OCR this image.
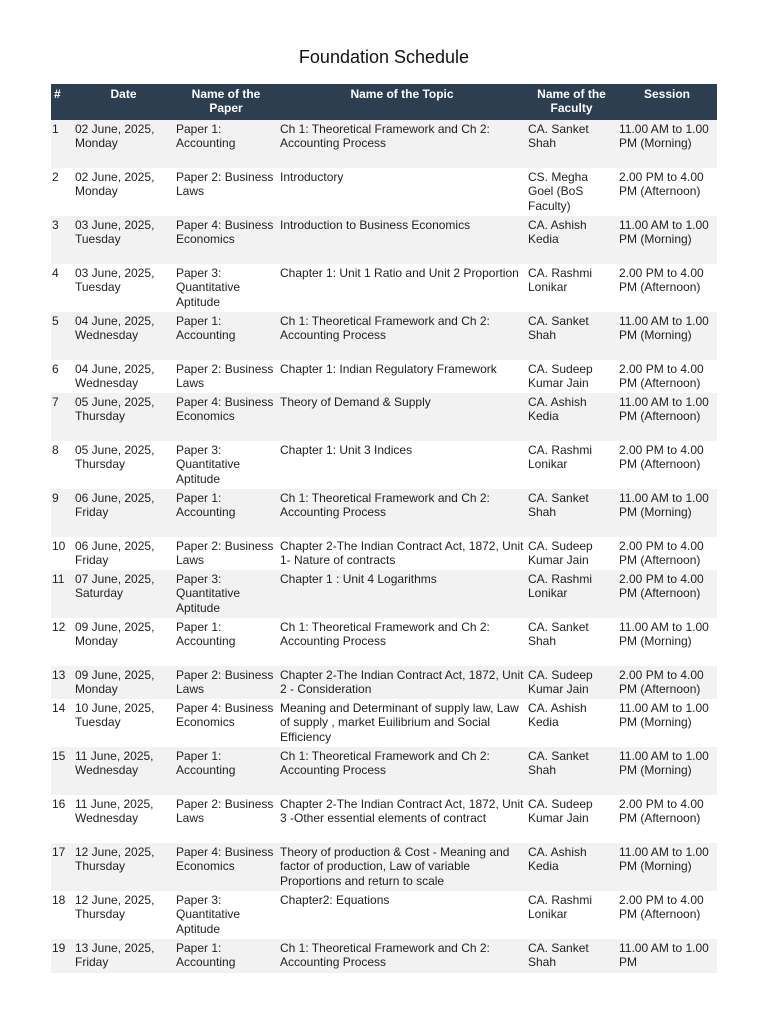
Foundation Schedule
#	Date	Name of the Paper	Name of the Topic	Name of the Faculty	Session
1	02 June, 2025, Monday	Paper 1: Accounting	Ch 1: Theoretical Framework and Ch 2: Accounting Process	CA. Sanket Shah	11.00 AM to 1.00 PM (Morning)
2	02 June, 2025, Monday	Paper 2: Business Laws	Introductory	CS. Megha Goel (BoS Faculty)	2.00 PM to 4.00 PM (Afternoon)
3	03 June, 2025, Tuesday	Paper 4: Business Economics	Introduction to Business Economics	CA. Ashish Kedia	11.00 AM to 1.00 PM (Morning)
4	03 June, 2025, Tuesday	Paper 3: Quantitative Aptitude	Chapter 1: Unit 1 Ratio and Unit 2 Proportion	CA. Rashmi Lonikar	2.00 PM to 4.00 PM (Afternoon)
5	04 June, 2025, Wednesday	Paper 1: Accounting	Ch 1: Theoretical Framework and Ch 2: Accounting Process	CA. Sanket Shah	11.00 AM to 1.00 PM (Morning)
6	04 June, 2025, Wednesday	Paper 2: Business Laws	Chapter 1: Indian Regulatory Framework	CA. Sudeep Kumar Jain	2.00 PM to 4.00 PM (Afternoon)
7	05 June, 2025, Thursday	Paper 4: Business Economics	Theory of Demand & Supply	CA. Ashish Kedia	11.00 AM to 1.00 PM (Afternoon)
8	05 June, 2025, Thursday	Paper 3: Quantitative Aptitude	Chapter 1: Unit 3 Indices	CA. Rashmi Lonikar	2.00 PM to 4.00 PM (Afternoon)
9	06 June, 2025, Friday	Paper 1: Accounting	Ch 1: Theoretical Framework and Ch 2: Accounting Process	CA. Sanket Shah	11.00 AM to 1.00 PM (Morning)
10	06 June, 2025, Friday	Paper 2: Business Laws	Chapter 2-The Indian Contract Act, 1872, Unit 1- Nature of contracts	CA. Sudeep Kumar Jain	2.00 PM to 4.00 PM (Afternoon)
11	07 June, 2025, Saturday	Paper 3: Quantitative Aptitude	Chapter 1 : Unit 4 Logarithms	CA. Rashmi Lonikar	2.00 PM to 4.00 PM (Afternoon)
12	09 June, 2025, Monday	Paper 1: Accounting	Ch 1: Theoretical Framework and Ch 2: Accounting Process	CA. Sanket Shah	11.00 AM to 1.00 PM (Morning)
13	09 June, 2025, Monday	Paper 2: Business Laws	Chapter 2-The Indian Contract Act, 1872, Unit 2 - Consideration	CA. Sudeep Kumar Jain	2.00 PM to 4.00 PM (Afternoon)
14	10 June, 2025, Tuesday	Paper 4: Business Economics	Meaning and Determinant of supply law, Law of supply , market Euilibrium and Social Efficiency	CA. Ashish Kedia	11.00 AM to 1.00 PM (Morning)
15	11 June, 2025, Wednesday	Paper 1: Accounting	Ch 1: Theoretical Framework and Ch 2: Accounting Process	CA. Sanket Shah	11.00 AM to 1.00 PM (Morning)
16	11 June, 2025, Wednesday	Paper 2: Business Laws	Chapter 2-The Indian Contract Act, 1872, Unit 3 -Other essential elements of contract	CA. Sudeep Kumar Jain	2.00 PM to 4.00 PM (Afternoon)
17	12 June, 2025, Thursday	Paper 4: Business Economics	Theory of production & Cost - Meaning and factor of production, Law of variable Proportions and return to scale	CA. Ashish Kedia	11.00 AM to 1.00 PM (Morning)
18	12 June, 2025, Thursday	Paper 3: Quantitative Aptitude	Chapter2: Equations	CA. Rashmi Lonikar	2.00 PM to 4.00 PM (Afternoon)
19	13 June, 2025, Friday	Paper 1: Accounting	Ch 1: Theoretical Framework and Ch 2: Accounting Process	CA. Sanket Shah	11.00 AM to 1.00 PM
